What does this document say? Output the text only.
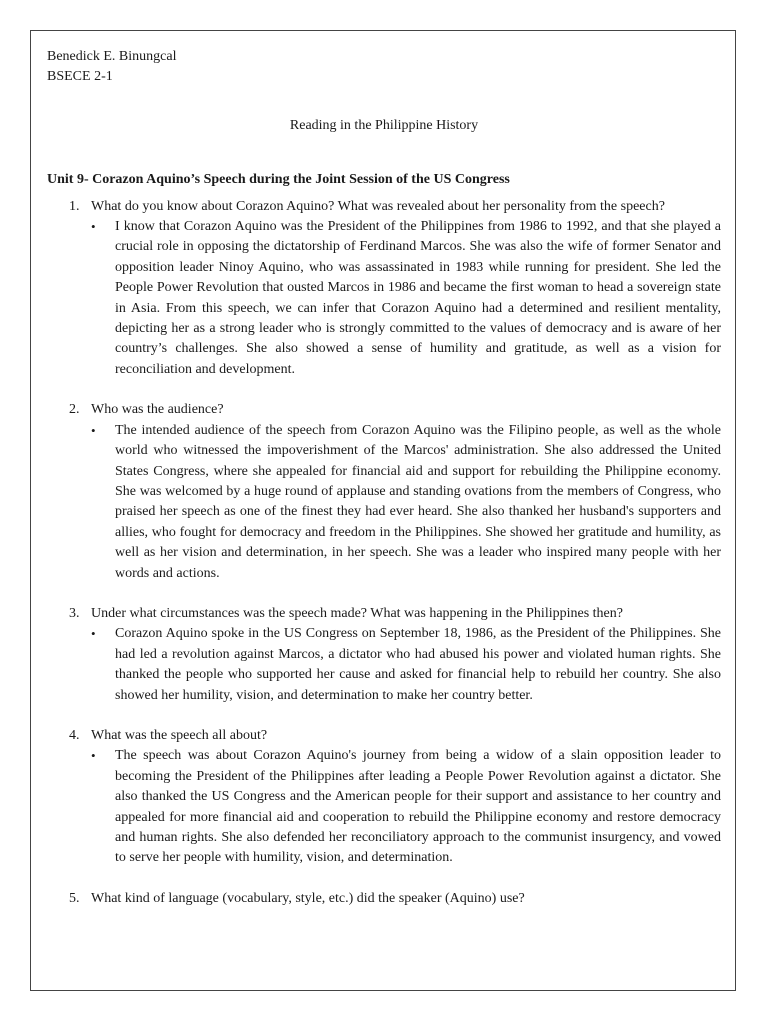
Benedick E. Binungcal

BSECE 2-1

Reading in the Philippine History

Unit 9- Corazon Aquino’s Speech during the Joint Session of the US Congress

1. What do you know about Corazon Aquino? What was revealed about her personality from the speech?

• I know that Corazon Aquino was the President of the Philippines from 1986 to 1992, and that she played a crucial role in opposing the dictatorship of Ferdinand Marcos. She was also the wife of former Senator and opposition leader Ninoy Aquino, who was assassinated in 1983 while running for president. She led the People Power Revolution that ousted Marcos in 1986 and became the first woman to head a sovereign state in Asia. From this speech, we can infer that Corazon Aquino had a determined and resilient mentality, depicting her as a strong leader who is strongly committed to the values of democracy and is aware of her country’s challenges. She also showed a sense of humility and gratitude, as well as a vision for reconciliation and development.
2. Who was the audience?

• The intended audience of the speech from Corazon Aquino was the Filipino people, as well as the whole world who witnessed the impoverishment of the Marcos' administration. She also addressed the United States Congress, where she appealed for financial aid and support for rebuilding the Philippine economy. She was welcomed by a huge round of applause and standing ovations from the members of Congress, who praised her speech as one of the finest they had ever heard. She also thanked her husband's supporters and allies, who fought for democracy and freedom in the Philippines. She showed her gratitude and humility, as well as her vision and determination, in her speech. She was a leader who inspired many people with her words and actions.
3. Under what circumstances was the speech made? What was happening in the Philippines then?

• Corazon Aquino spoke in the US Congress on September 18, 1986, as the President of the Philippines. She had led a revolution against Marcos, a dictator who had abused his power and violated human rights. She thanked the people who supported her cause and asked for financial help to rebuild her country. She also showed her humility, vision, and determination to make her country better.
4. What was the speech all about?

• The speech was about Corazon Aquino's journey from being a widow of a slain opposition leader to becoming the President of the Philippines after leading a People Power Revolution against a dictator. She also thanked the US Congress and the American people for their support and assistance to her country and appealed for more financial aid and cooperation to rebuild the Philippine economy and restore democracy and human rights. She also defended her reconciliatory approach to the communist insurgency, and vowed to serve her people with humility, vision, and determination.
5. What kind of language (vocabulary, style, etc.) did the speaker (Aquino) use?
